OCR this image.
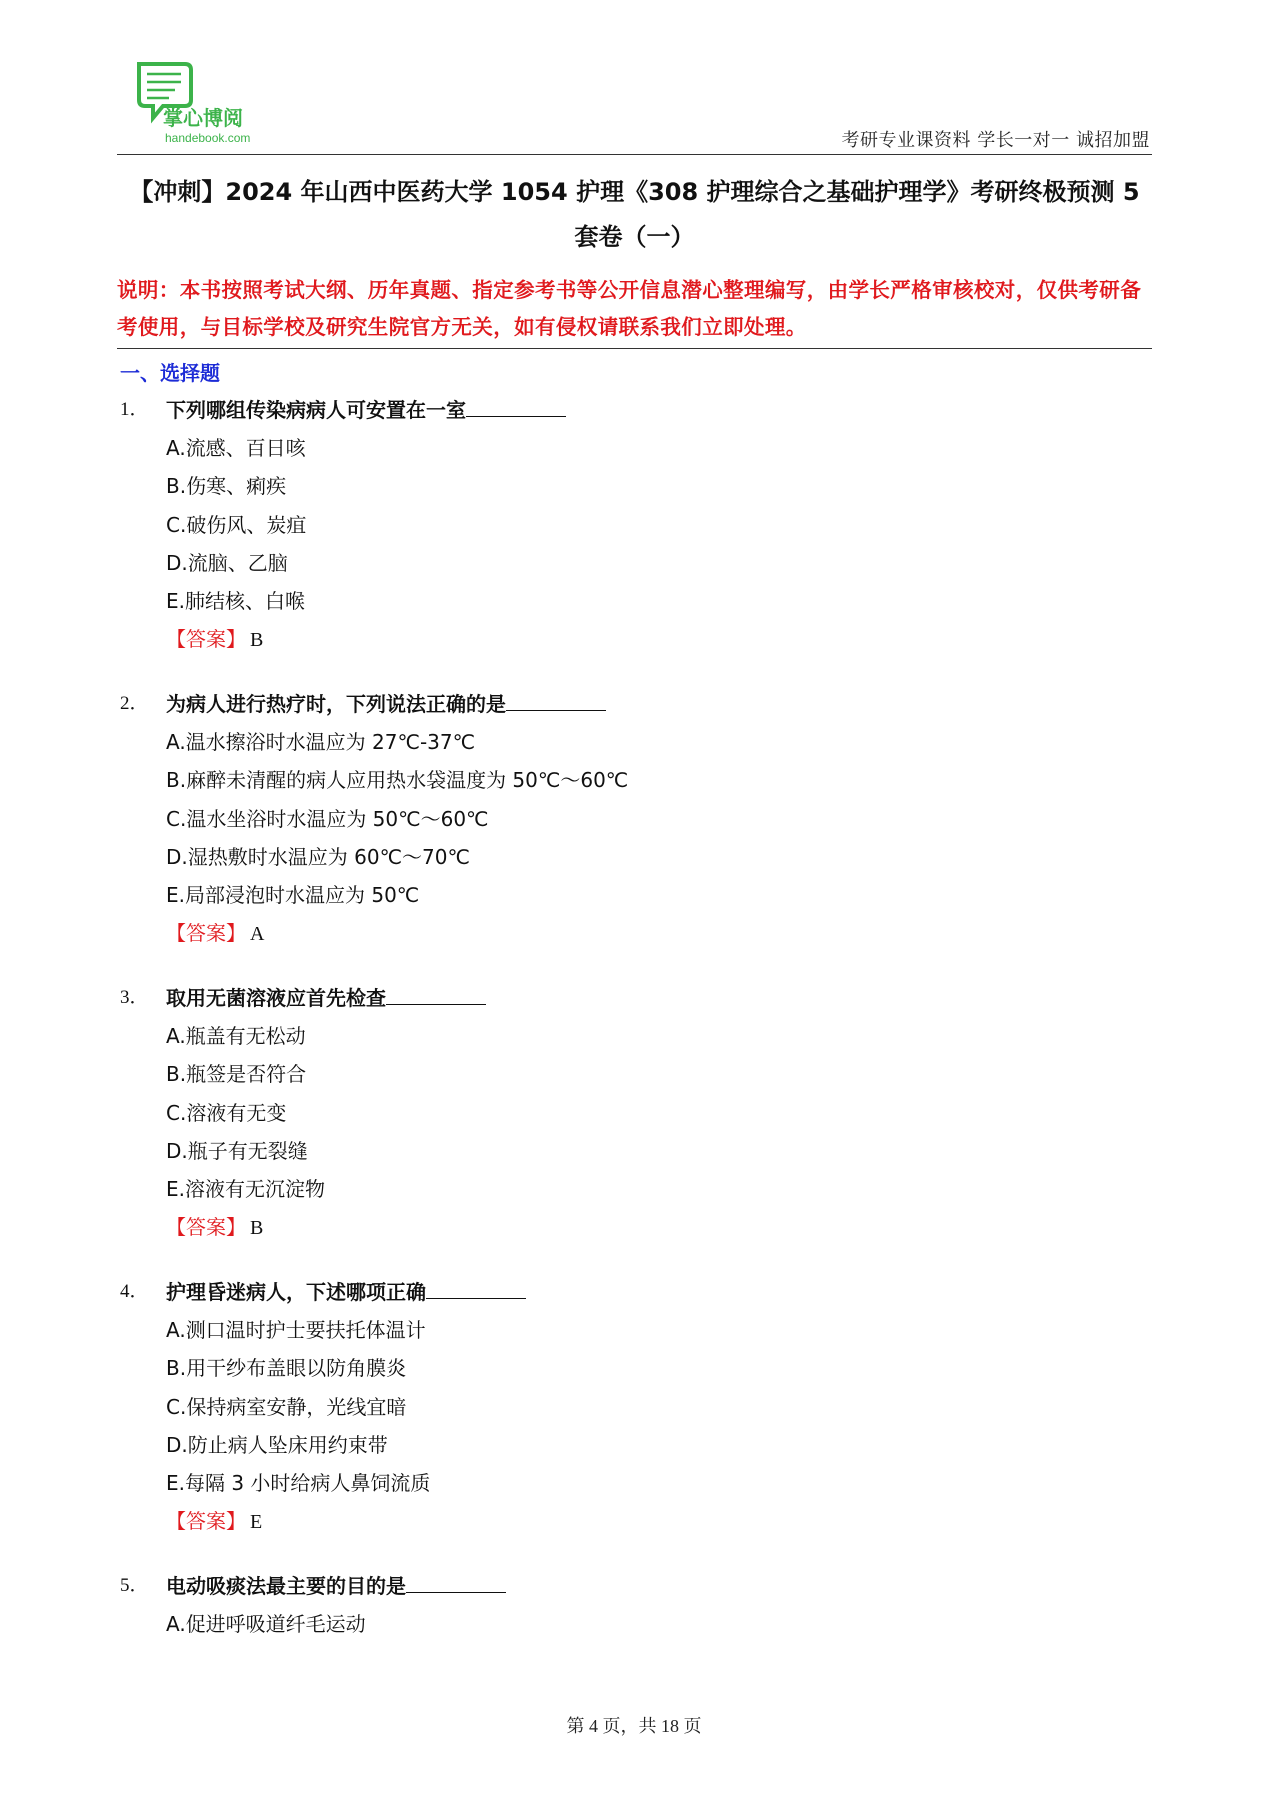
掌心博阅
handebook.com	考研专业课资料 学长一对一 诚招加盟
【冲刺】2024 年山西中医药大学 1054 护理《308 护理综合之基础护理学》考研终极预测 5 套卷（一）
说明：本书按照考试大纲、历年真题、指定参考书等公开信息潜心整理编写，由学长严格审核校对，仅供考研备考使用，与目标学校及研究生院官方无关，如有侵权请联系我们立即处理。
一、选择题
1． 下列哪组传染病病人可安置在一室
A.流感、百日咳
B.伤寒、痢疾
C.破伤风、炭疽
D.流脑、乙脑
E.肺结核、白喉
【答案】 B
2． 为病人进行热疗时，下列说法正确的是
A.温水擦浴时水温应为 27℃-37℃
B.麻醉未清醒的病人应用热水袋温度为 50℃～60℃
C.温水坐浴时水温应为 50℃～60℃
D.湿热敷时水温应为 60℃～70℃
E.局部浸泡时水温应为 50℃
【答案】 A
3． 取用无菌溶液应首先检查
A.瓶盖有无松动
B.瓶签是否符合
C.溶液有无变
D.瓶子有无裂缝
E.溶液有无沉淀物
【答案】 B
4． 护理昏迷病人，下述哪项正确
A.测口温时护士要扶托体温计
B.用干纱布盖眼以防角膜炎
C.保持病室安静，光线宜暗
D.防止病人坠床用约束带
E.每隔 3 小时给病人鼻饲流质
【答案】 E
5． 电动吸痰法最主要的目的是
A.促进呼吸道纤毛运动
第 4 页，共 18 页
